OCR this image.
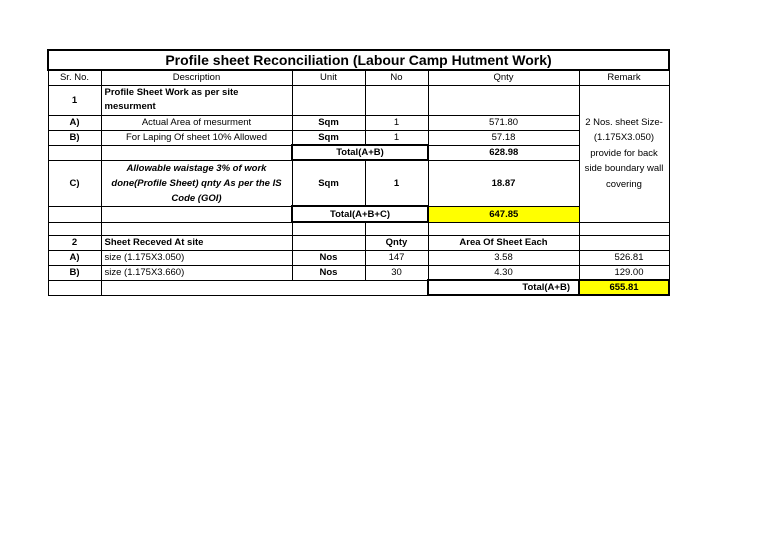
Profile sheet Reconciliation (Labour Camp Hutment Work)					
Sr. No.	Description	Unit	No	Qnty	Remark
1	Profile Sheet Work as per site mesurment				2 Nos. sheet Size-(1.175X3.050) provide for back side boundary wall covering
A)	Actual Area of mesurment	Sqm	1	571.80	
B)	For Laping Of sheet 10% Allowed	Sqm	1	57.18	
		Total(A+B)		628.98	
C)	Allowable waistage 3% of work done(Profile Sheet) qnty As per the IS Code (GOI)	Sqm	1	18.87	
		Total(A+B+C)		647.85	

2	Sheet Receved At site		Qnty	Area Of Sheet Each	
A)	size (1.175X3.050)	Nos	147	3.58	526.81
B)	size (1.175X3.660)	Nos	30	4.30	129.00
				Total(A+B)	655.81
